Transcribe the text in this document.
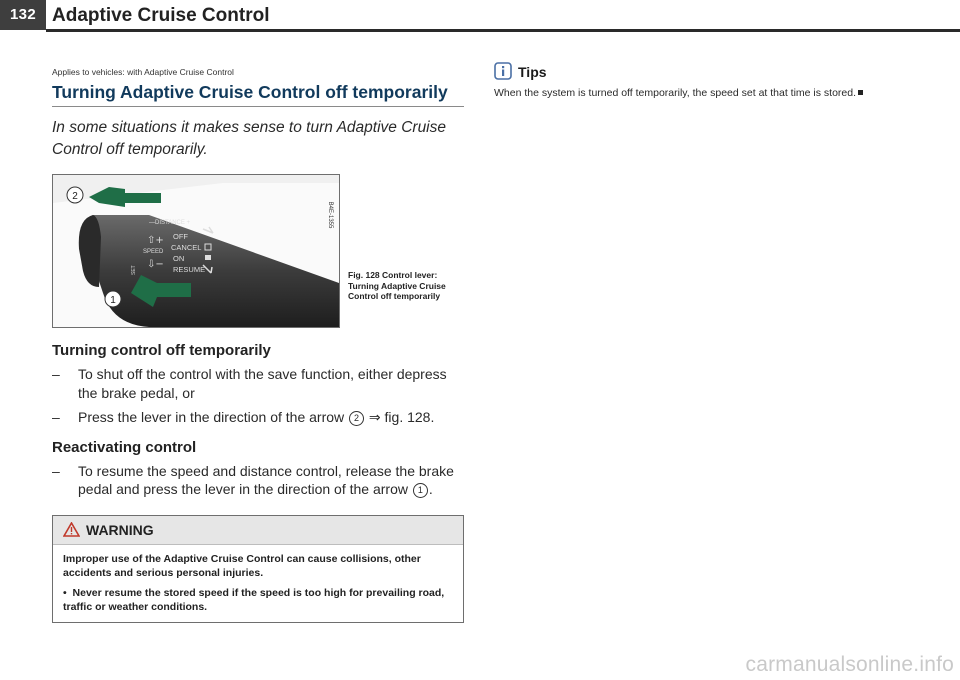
132 Adaptive Cruise Control
Applies to vehicles: with Adaptive Cruise Control
Turning Adaptive Cruise Control off temporarily
In some situations it makes sense to turn Adaptive Cruise Control off temporarily.
—DISTANCE +
OFF
CANCEL
ON
RESUME
SPEED
SET
⇧+
⇩−
2
1
B4E-1355
Fig. 128 Control lever: Turning Adaptive Cruise Control off temporarily
Turning control off temporarily
– To shut off the control with the save function, either depress the brake pedal, or
– Press the lever in the direction of the arrow 2 ⇒ fig. 128.
Reactivating control
– To resume the speed and distance control, release the brake pedal and press the lever in the direction of the arrow 1 .
WARNING

Improper use of the Adaptive Cruise Control can cause collisions, other accidents and serious personal injuries.

• Never resume the stored speed if the speed is too high for prevailing road, traffic or weather conditions.

Tips
When the system is turned off temporarily, the speed set at that time is stored.
carmanualsonline.info
